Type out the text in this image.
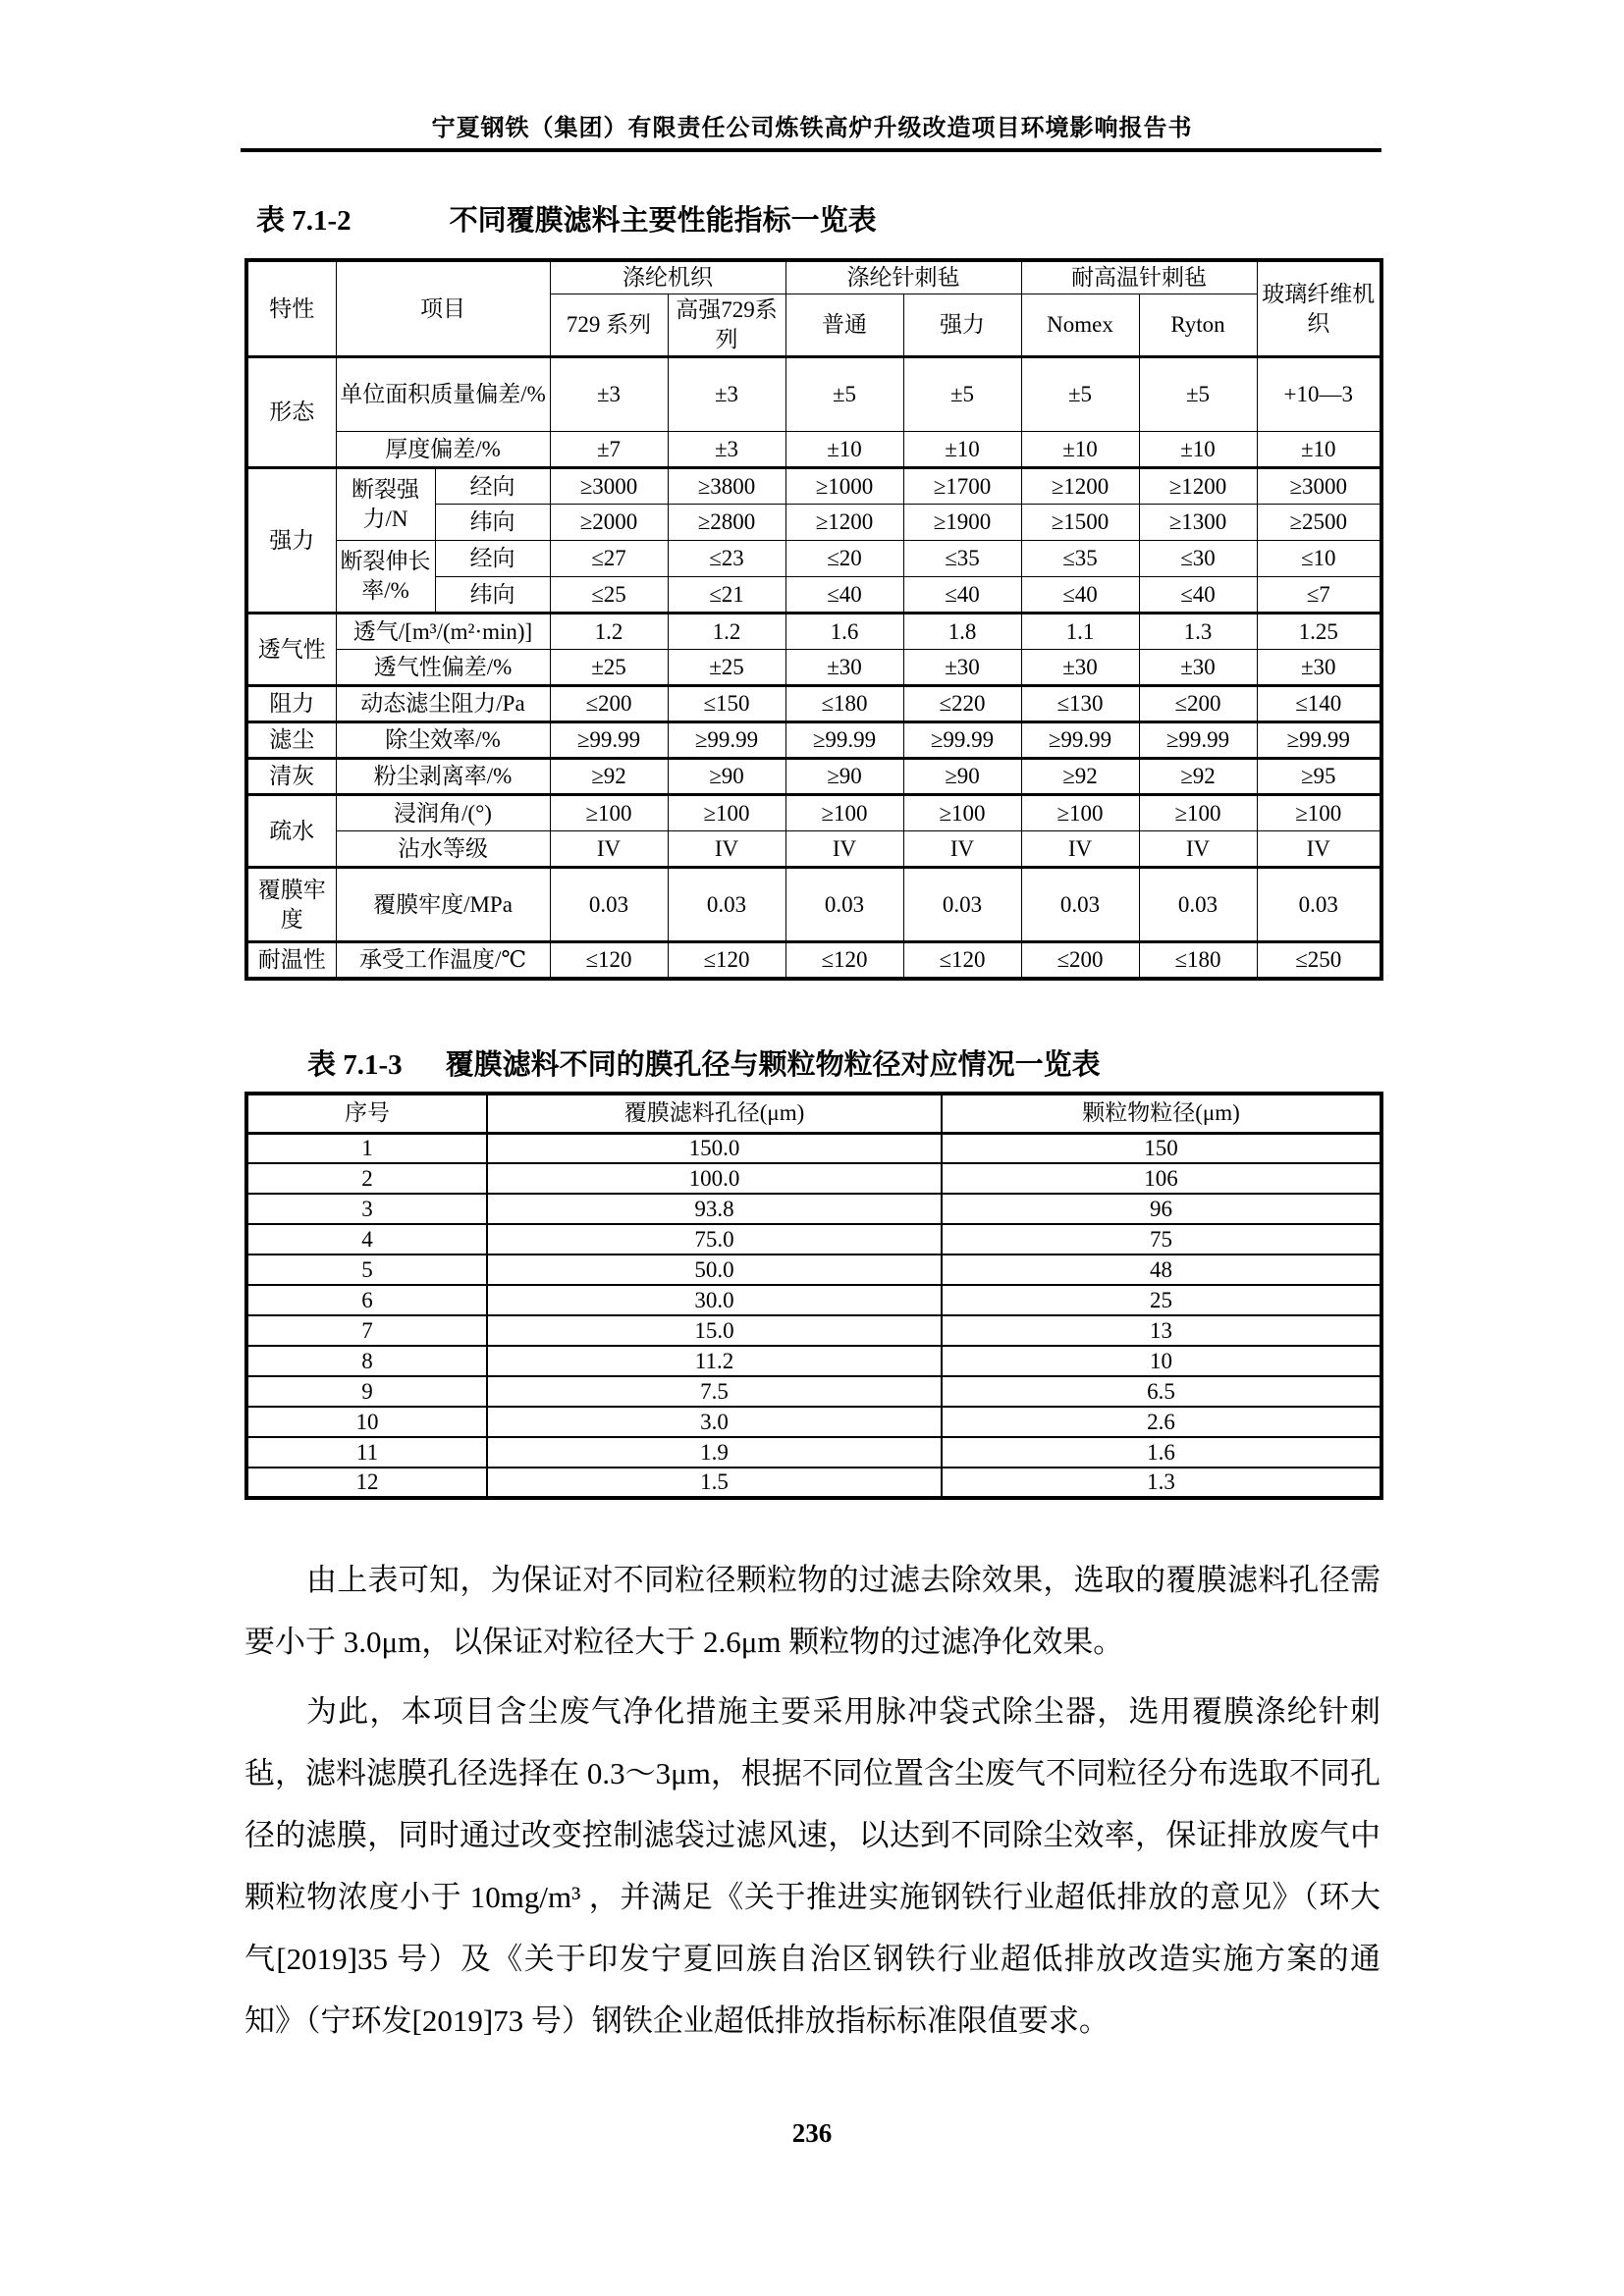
宁夏钢铁（集团）有限责任公司炼铁高炉升级改造项目环境影响报告书
表 7.1-2	不同覆膜滤料主要性能指标一览表
特性	项目		涤纶机织		涤纶针刺毡		耐高温针刺毡		玻璃纤维机织
			729 系列	高强729系列	普通	强力	Nomex	Ryton	
形态	单位面积质量偏差/%		±3	±3	±5	±5	±5	±5	+10—3
	厚度偏差/%		±7	±3	±10	±10	±10	±10	±10
强力	断裂强力/N	经向	≥3000	≥3800	≥1000	≥1700	≥1200	≥1200	≥3000
		纬向	≥2000	≥2800	≥1200	≥1900	≥1500	≥1300	≥2500
	断裂伸长率/%	经向	≤27	≤23	≤20	≤35	≤35	≤30	≤10
		纬向	≤25	≤21	≤40	≤40	≤40	≤40	≤7
透气性	透气/[m³/(m²·min)]		1.2	1.2	1.6	1.8	1.1	1.3	1.25
	透气性偏差/%		±25	±25	±30	±30	±30	±30	±30
阻力	动态滤尘阻力/Pa		≤200	≤150	≤180	≤220	≤130	≤200	≤140
滤尘	除尘效率/%		≥99.99	≥99.99	≥99.99	≥99.99	≥99.99	≥99.99	≥99.99
清灰	粉尘剥离率/%		≥92	≥90	≥90	≥90	≥92	≥92	≥95
疏水	浸润角/(°)		≥100	≥100	≥100	≥100	≥100	≥100	≥100
	沾水等级		IV	IV	IV	IV	IV	IV	IV
覆膜牢度	覆膜牢度/MPa		0.03	0.03	0.03	0.03	0.03	0.03	0.03
耐温性	承受工作温度/℃		≤120	≤120	≤120	≤120	≤200	≤180	≤250
表 7.1-3 覆膜滤料不同的膜孔径与颗粒物粒径对应情况一览表
序号	覆膜滤料孔径(μm)	颗粒物粒径(μm)
1	150.0	150
2	100.0	106
3	93.8	96
4	75.0	75
5	50.0	48
6	30.0	25
7	15.0	13
8	11.2	10
9	7.5	6.5
10	3.0	2.6
11	1.9	1.6
12	1.5	1.3

由上表可知，为保证对不同粒径颗粒物的过滤去除效果，选取的覆膜滤料孔径需要小于 3.0μm，以保证对粒径大于 2.6μm 颗粒物的过滤净化效果。

为此，本项目含尘废气净化措施主要采用脉冲袋式除尘器，选用覆膜涤纶针刺毡，滤料滤膜孔径选择在 0.3～3μm，根据不同位置含尘废气不同粒径分布选取不同孔径的滤膜，同时通过改变控制滤袋过滤风速，以达到不同除尘效率，保证排放废气中颗粒物浓度小于 10mg/m³ ，并满足《关于推进实施钢铁行业超低排放的意见》（环大气[2019]35 号）及《关于印发宁夏回族自治区钢铁行业超低排放改造实施方案的通知》（宁环发[2019]73 号）钢铁企业超低排放指标标准限值要求。

236
